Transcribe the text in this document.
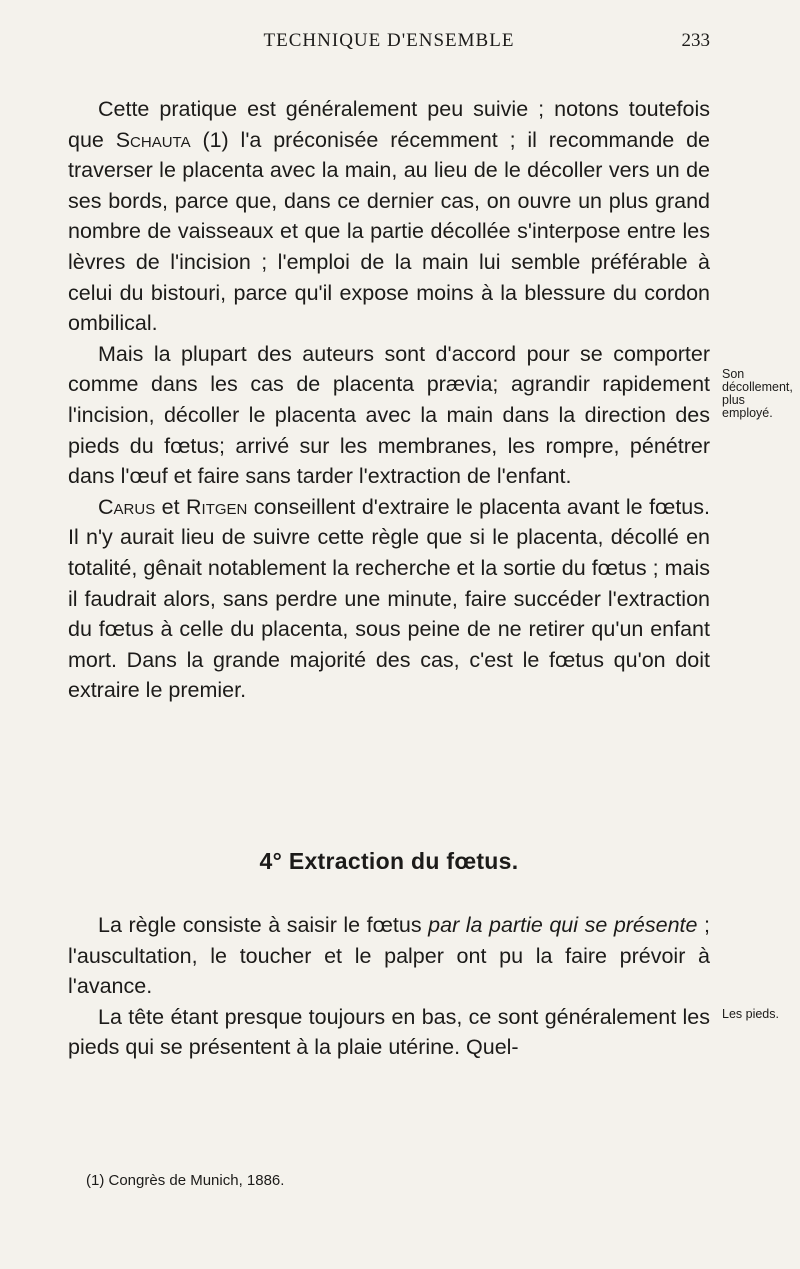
TECHNIQUE D'ENSEMBLE	233

Cette pratique est généralement peu suivie ; notons toutefois que Schauta (1) l'a préconisée récemment ; il recommande de traverser le placenta avec la main, au lieu de le décoller vers un de ses bords, parce que, dans ce dernier cas, on ouvre un plus grand nombre de vaisseaux et que la partie décollée s'interpose entre les lèvres de l'incision ; l'emploi de la main lui semble préférable à celui du bistouri, parce qu'il expose moins à la blessure du cordon ombilical.

Mais la plupart des auteurs sont d'accord pour se comporter comme dans les cas de placenta prævia; agrandir rapidement l'incision, décoller le placenta avec la main dans la direction des pieds du fœtus; arrivé sur les membranes, les rompre, pénétrer dans l'œuf et faire sans tarder l'extraction de l'enfant.

Carus et Ritgen conseillent d'extraire le placenta avant le fœtus. Il n'y aurait lieu de suivre cette règle que si le placenta, décollé en totalité, gênait notablement la recherche et la sortie du fœtus ; mais il faudrait alors, sans perdre une minute, faire succéder l'extraction du fœtus à celle du placenta, sous peine de ne retirer qu'un enfant mort. Dans la grande majorité des cas, c'est le fœtus qu'on doit extraire le premier.

4° Extraction du fœtus.

La règle consiste à saisir le fœtus par la partie qui se présente ; l'auscultation, le toucher et le palper ont pu la faire prévoir à l'avance.

La tête étant presque toujours en bas, ce sont généralement les pieds qui se présentent à la plaie utérine. Quel-

Son décollement, plus employé.
Les pieds.
(1) Congrès de Munich, 1886.
